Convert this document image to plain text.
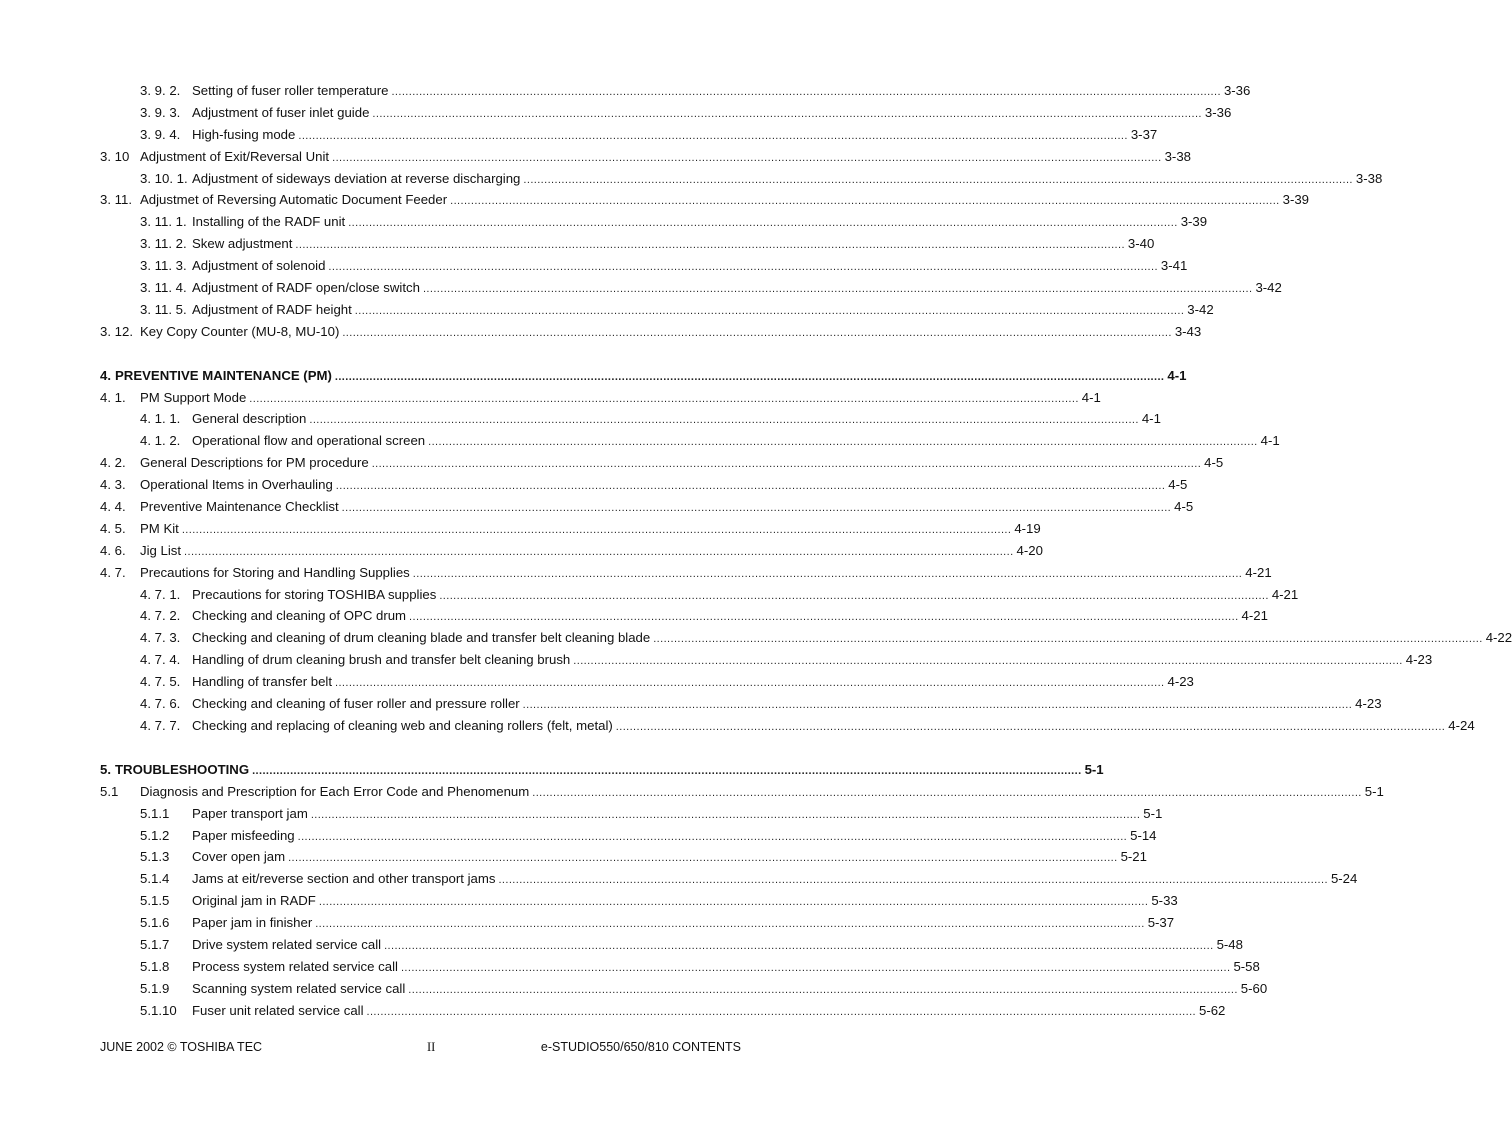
3. 9. 2. Setting of fuser roller temperature .....	3-36
3. 9. 3. Adjustment of fuser inlet guide .....	3-36
3. 9. 4. High-fusing mode .....	3-37
3. 10 Adjustment of Exit/Reversal Unit .....	3-38
3. 10. 1. Adjustment of sideways deviation at reverse discharging .....	3-38
3. 11. Adjustmet of Reversing Automatic Document Feeder .....	3-39
3. 11. 1. Installing of the RADF unit .....	3-39
3. 11. 2. Skew adjustment .....	3-40
3. 11. 3. Adjustment of solenoid .....	3-41
3. 11. 4. Adjustment of RADF open/close switch .....	3-42
3. 11. 5. Adjustment of RADF height .....	3-42
3. 12. Key Copy Counter (MU-8, MU-10) .....	3-43
4. PREVENTIVE MAINTENANCE (PM) .....	4-1
4. 1.	PM Support Mode .....	4-1
4. 1. 1. General description .....	4-1
4. 1. 2. Operational flow and operational screen .....	4-1
4. 2.	General Descriptions for PM procedure .....	4-5
4. 3.	Operational Items in Overhauling .....	4-5
4. 4.	Preventive Maintenance Checklist .....	4-5
4. 5.	PM Kit .....	4-19
4. 6.	Jig List .....	4-20
4. 7.	Precautions for Storing and Handling Supplies .....	4-21
4. 7. 1. Precautions for storing TOSHIBA supplies .....	4-21
4. 7. 2. Checking and cleaning of OPC drum .....	4-21
4. 7. 3. Checking and cleaning of drum cleaning blade and transfer belt cleaning blade .....	4-22
4. 7. 4. Handling of drum cleaning brush and transfer belt cleaning brush .....	4-23
4. 7. 5. Handling of transfer belt .....	4-23
4. 7. 6. Checking and cleaning of fuser roller and pressure roller .....	4-23
4. 7. 7. Checking and replacing of cleaning web and cleaning rollers (felt, metal) .....	4-24
5. TROUBLESHOOTING .....	5-1
5.1	Diagnosis and Prescription for Each Error Code and Phenomenum .....	5-1
5.1.1	Paper transport jam .....	5-1
5.1.2	Paper misfeeding .....	5-14
5.1.3	Cover open jam .....	5-21
5.1.4	Jams at eit/reverse section and other transport jams .....	5-24
5.1.5	Original jam in RADF .....	5-33
5.1.6	Paper jam in finisher .....	5-37
5.1.7	Drive system related service call .....	5-48
5.1.8	Process system related service call .....	5-58
5.1.9	Scanning system related service call .....	5-60
5.1.10	Fuser unit related service call .....	5-62
JUNE 2002 © TOSHIBA TEC	II	e-STUDIO550/650/810 CONTENTS
